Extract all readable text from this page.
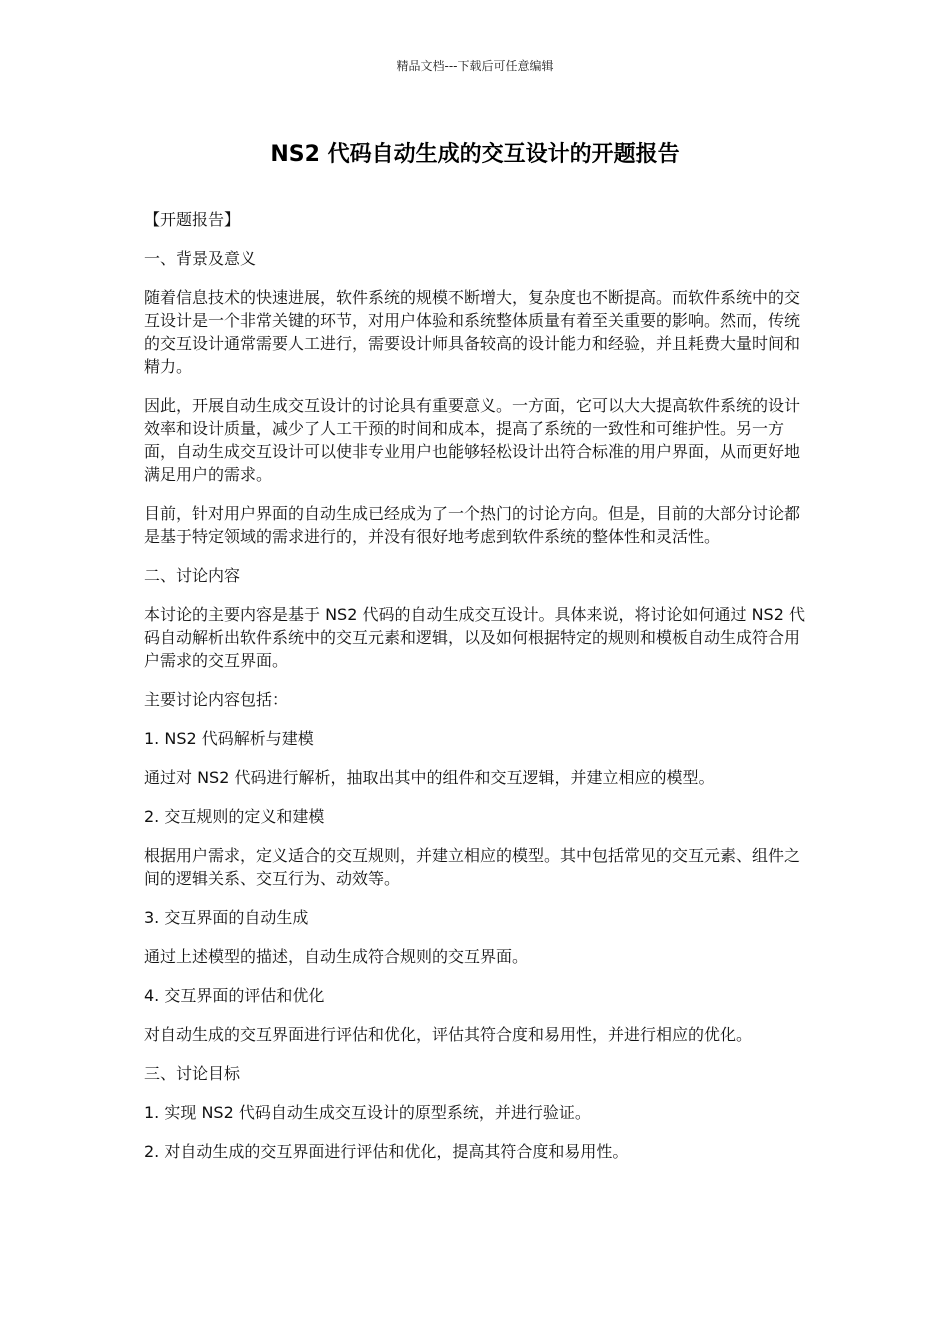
精品文档---下载后可任意编辑
NS2 代码自动生成的交互设计的开题报告

【开题报告】

一、背景及意义

随着信息技术的快速进展，软件系统的规模不断增大，复杂度也不断提高。而软件系统中的交互设计是一个非常关键的环节，对用户体验和系统整体质量有着至关重要的影响。然而，传统的交互设计通常需要人工进行，需要设计师具备较高的设计能力和经验，并且耗费大量时间和精力。

因此，开展自动生成交互设计的讨论具有重要意义。一方面，它可以大大提高软件系统的设计效率和设计质量，减少了人工干预的时间和成本，提高了系统的一致性和可维护性。另一方面，自动生成交互设计可以使非专业用户也能够轻松设计出符合标准的用户界面，从而更好地满足用户的需求。

目前，针对用户界面的自动生成已经成为了一个热门的讨论方向。但是，目前的大部分讨论都是基于特定领域的需求进行的，并没有很好地考虑到软件系统的整体性和灵活性。

二、讨论内容

本讨论的主要内容是基于 NS2 代码的自动生成交互设计。具体来说，将讨论如何通过 NS2 代码自动解析出软件系统中的交互元素和逻辑，以及如何根据特定的规则和模板自动生成符合用户需求的交互界面。

主要讨论内容包括：

1. NS2 代码解析与建模

通过对 NS2 代码进行解析，抽取出其中的组件和交互逻辑，并建立相应的模型。

2. 交互规则的定义和建模

根据用户需求，定义适合的交互规则，并建立相应的模型。其中包括常见的交互元素、组件之间的逻辑关系、交互行为、动效等。

3. 交互界面的自动生成

通过上述模型的描述，自动生成符合规则的交互界面。

4. 交互界面的评估和优化

对自动生成的交互界面进行评估和优化，评估其符合度和易用性，并进行相应的优化。

三、讨论目标

1. 实现 NS2 代码自动生成交互设计的原型系统，并进行验证。

2. 对自动生成的交互界面进行评估和优化，提高其符合度和易用性。
